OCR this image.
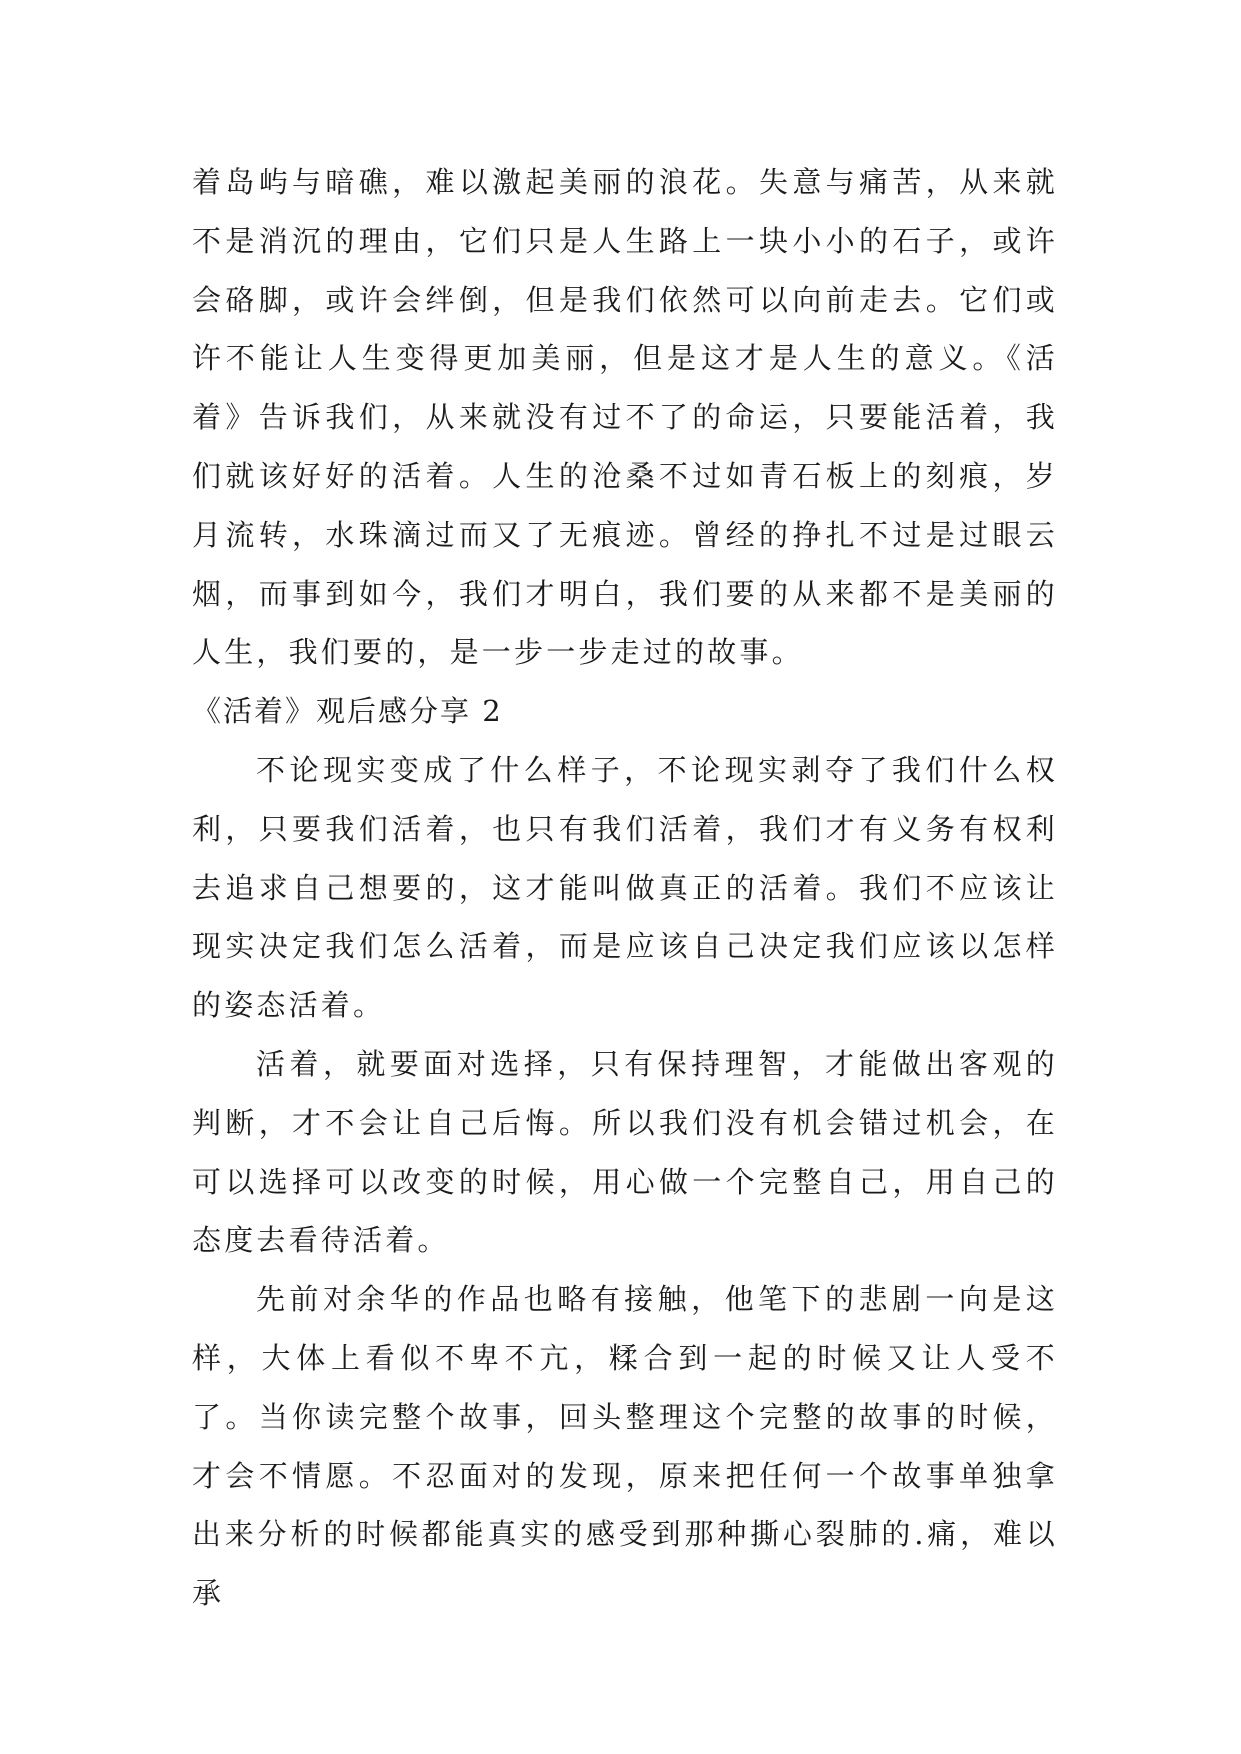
着岛屿与暗礁，难以激起美丽的浪花。失意与痛苦，从来就不是消沉的理由，它们只是人生路上一块小小的石子，或许会硌脚，或许会绊倒，但是我们依然可以向前走去。它们或许不能让人生变得更加美丽，但是这才是人生的意义。《活着》告诉我们，从来就没有过不了的命运，只要能活着，我们就该好好的活着。人生的沧桑不过如青石板上的刻痕，岁月流转，水珠滴过而又了无痕迹。曾经的挣扎不过是过眼云烟，而事到如今，我们才明白，我们要的从来都不是美丽的人生，我们要的，是一步一步走过的故事。

《活着》观后感分享 2

不论现实变成了什么样子，不论现实剥夺了我们什么权利，只要我们活着，也只有我们活着，我们才有义务有权利去追求自己想要的，这才能叫做真正的活着。我们不应该让现实决定我们怎么活着，而是应该自己决定我们应该以怎样的姿态活着。

活着，就要面对选择，只有保持理智，才能做出客观的判断，才不会让自己后悔。所以我们没有机会错过机会，在可以选择可以改变的时候，用心做一个完整自己，用自己的态度去看待活着。

先前对余华的作品也略有接触，他笔下的悲剧一向是这样，大体上看似不卑不亢，糅合到一起的时候又让人受不了。当你读完整个故事，回头整理这个完整的故事的时候，才会不情愿。不忍面对的发现，原来把任何一个故事单独拿出来分析的时候都能真实的感受到那种撕心裂肺的.痛，难以承
